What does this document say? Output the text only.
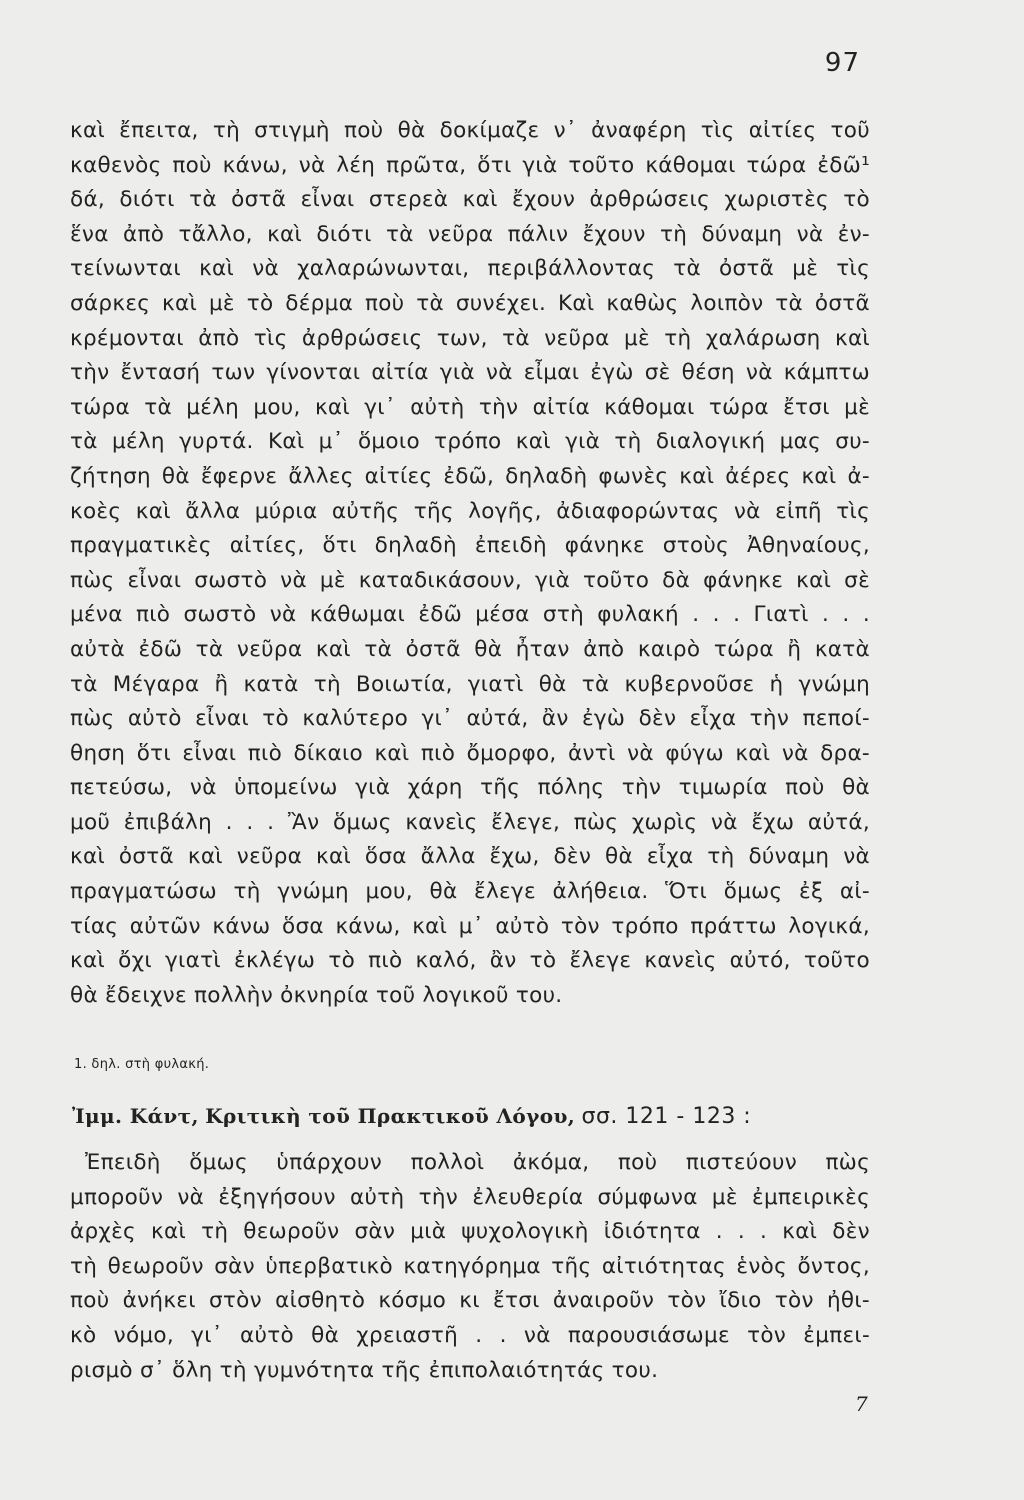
97
καὶ ἔπειτα, τὴ στιγμὴ ποὺ θὰ δοκίμαζε ν᾽ ἀναφέρη τὶς αἰτίες τοῦ
καθενὸς ποὺ κάνω, νὰ λέη πρῶτα, ὅτι γιὰ τοῦτο κάθομαι τώρα ἐδῶ¹
δά, διότι τὰ ὀστᾶ εἶναι στερεὰ καὶ ἔχουν ἀρθρώσεις χωριστὲς τὸ
ἕνα ἀπὸ τἄλλο, καὶ διότι τὰ νεῦρα πάλιν ἔχουν τὴ δύναμη νὰ ἐν-
τείνωνται καὶ νὰ χαλαρώνωνται, περιβάλλοντας τὰ ὀστᾶ μὲ τὶς
σάρκες καὶ μὲ τὸ δέρμα ποὺ τὰ συνέχει. Καὶ καθὼς λοιπὸν τὰ ὀστᾶ
κρέμονται ἀπὸ τὶς ἀρθρώσεις των, τὰ νεῦρα μὲ τὴ χαλάρωση καὶ
τὴν ἔντασή των γίνονται αἰτία γιὰ νὰ εἶμαι ἐγὼ σὲ θέση νὰ κάμπτω
τώρα τὰ μέλη μου, καὶ γι᾽ αὐτὴ τὴν αἰτία κάθομαι τώρα ἔτσι μὲ
τὰ μέλη γυρτά. Καὶ μ᾽ ὅμοιο τρόπο καὶ γιὰ τὴ διαλογική μας συ-
ζήτηση θὰ ἔφερνε ἄλλες αἰτίες ἐδῶ, δηλαδὴ φωνὲς καὶ ἀέρες καὶ ἀ-
κοὲς καὶ ἄλλα μύρια αὐτῆς τῆς λογῆς, ἀδιαφορώντας νὰ εἰπῆ τὶς
πραγματικὲς αἰτίες, ὅτι δηλαδὴ ἐπειδὴ φάνηκε στοὺς Ἀθηναίους,
πὼς εἶναι σωστὸ νὰ μὲ καταδικάσουν, γιὰ τοῦτο δὰ φάνηκε καὶ σὲ
μένα πιὸ σωστὸ νὰ κάθωμαι ἐδῶ μέσα στὴ φυλακή . . . Γιατὶ . . .
αὐτὰ ἐδῶ τὰ νεῦρα καὶ τὰ ὀστᾶ θὰ ἦταν ἀπὸ καιρὸ τώρα ἢ κατὰ
τὰ Μέγαρα ἢ κατὰ τὴ Βοιωτία, γιατὶ θὰ τὰ κυβερνοῦσε ἡ γνώμη
πὼς αὐτὸ εἶναι τὸ καλύτερο γι᾽ αὐτά, ἂν ἐγὼ δὲν εἶχα τὴν πεποί-
θηση ὅτι εἶναι πιὸ δίκαιο καὶ πιὸ ὄμορφο, ἀντὶ νὰ φύγω καὶ νὰ δρα-
πετεύσω, νὰ ὑπομείνω γιὰ χάρη τῆς πόλης τὴν τιμωρία ποὺ θὰ
μοῦ ἐπιβάλη . . . Ἂν ὅμως κανεὶς ἔλεγε, πὼς χωρὶς νὰ ἔχω αὐτά,
καὶ ὀστᾶ καὶ νεῦρα καὶ ὅσα ἄλλα ἔχω, δὲν θὰ εἶχα τὴ δύναμη νὰ
πραγματώσω τὴ γνώμη μου, θὰ ἔλεγε ἀλήθεια. Ὅτι ὅμως ἐξ αἰ-
τίας αὐτῶν κάνω ὅσα κάνω, καὶ μ᾽ αὐτὸ τὸν τρόπο πράττω λογικά,
καὶ ὄχι γιατὶ ἐκλέγω τὸ πιὸ καλό, ἂν τὸ ἔλεγε κανεὶς αὐτό, τοῦτο
θὰ ἔδειχνε πολλὴν ὀκνηρία τοῦ λογικοῦ του.
1. δηλ. στὴ φυλακή.
Ἰμμ. Κάντ, Κριτικὴ τοῦ Πρακτικοῦ Λόγου, σσ. 121 - 123 :
Ἐπειδὴ ὅμως ὑπάρχουν πολλοὶ ἀκόμα, ποὺ πιστεύουν πὼς
μποροῦν νὰ ἐξηγήσουν αὐτὴ τὴν ἐλευθερία σύμφωνα μὲ ἐμπειρικὲς
ἀρχὲς καὶ τὴ θεωροῦν σὰν μιὰ ψυχολογικὴ ἰδιότητα . . . καὶ δὲν
τὴ θεωροῦν σὰν ὑπερβατικὸ κατηγόρημα τῆς αἰτιότητας ἑνὸς ὄντος,
ποὺ ἀνήκει στὸν αἰσθητὸ κόσμο κι ἔτσι ἀναιροῦν τὸν ἴδιο τὸν ἠθι-
κὸ νόμο, γι᾽ αὐτὸ θὰ χρειαστῆ . . νὰ παρουσιάσωμε τὸν ἐμπει-
ρισμὸ σ᾽ ὅλη τὴ γυμνότητα τῆς ἐπιπολαιότητάς του.
7
